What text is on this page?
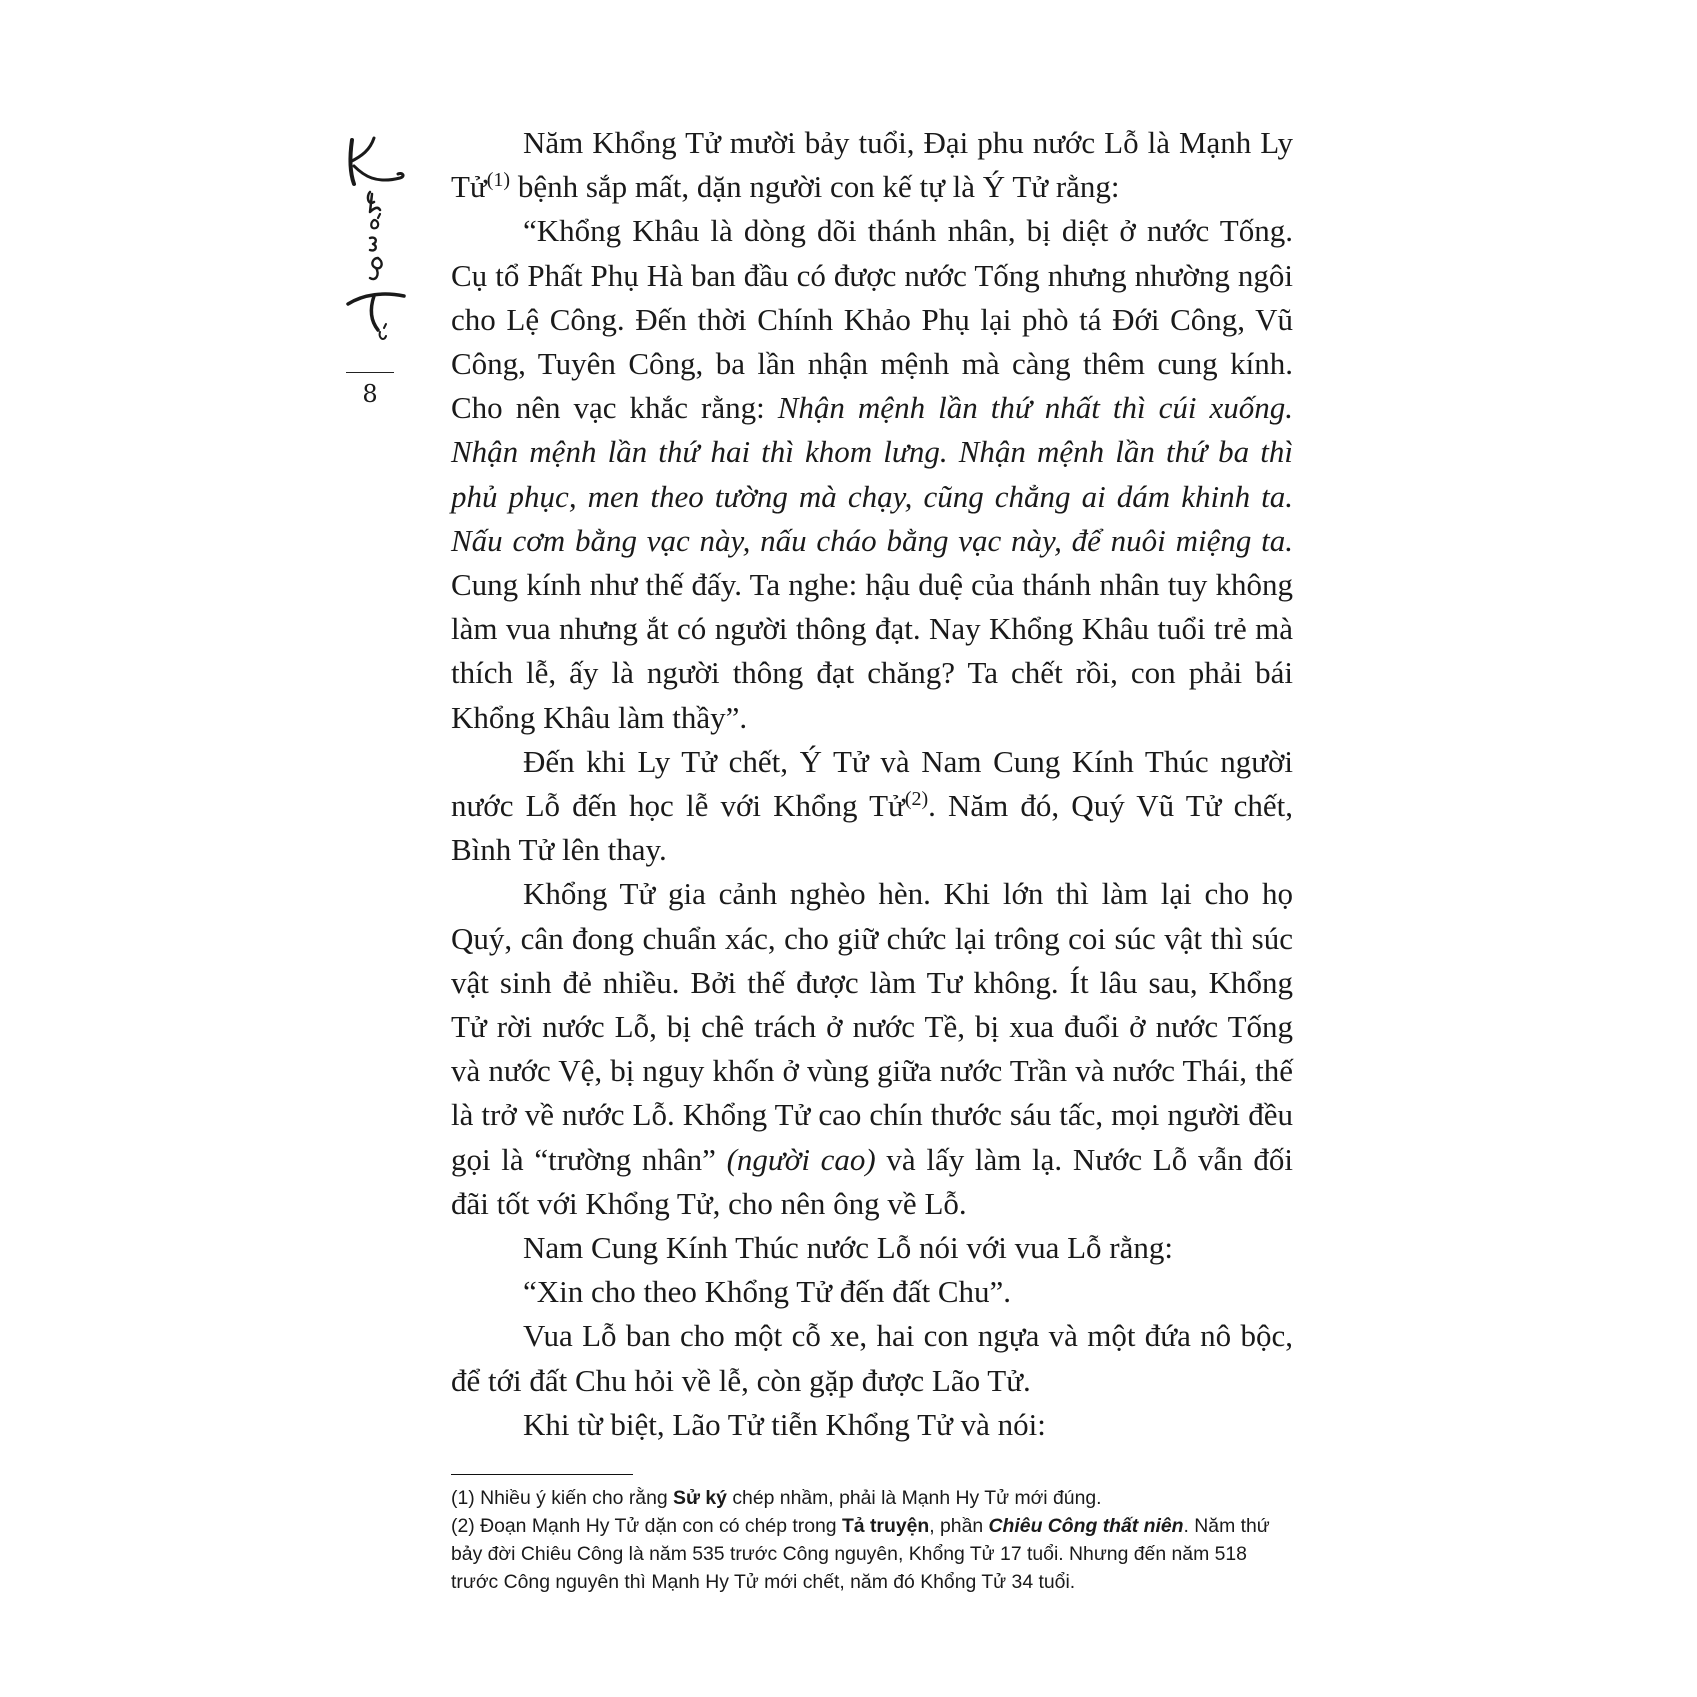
8

Năm Khổng Tử mười bảy tuổi, Đại phu nước Lỗ là Mạnh Ly Tử$^{(1)}$ bệnh sắp mất, dặn người con kế tự là Ý Tử rằng:

“Khổng Khâu là dòng dõi thánh nhân, bị diệt ở nước Tống. Cụ tổ Phất Phụ Hà ban đầu có được nước Tống nhưng nhường ngôi cho Lệ Công. Đến thời Chính Khảo Phụ lại phò tá Đới Công, Vũ Công, Tuyên Công, ba lần nhận mệnh mà càng thêm cung kính. Cho nên vạc khắc rằng: Nhận mệnh lần thứ nhất thì cúi xuống. Nhận mệnh lần thứ hai thì khom lưng. Nhận mệnh lần thứ ba thì phủ phục, men theo tường mà chạy, cũng chẳng ai dám khinh ta. Nấu cơm bằng vạc này, nấu cháo bằng vạc này, để nuôi miệng ta. Cung kính như thế đấy. Ta nghe: hậu duệ của thánh nhân tuy không làm vua nhưng ắt có người thông đạt. Nay Khổng Khâu tuổi trẻ mà thích lễ, ấy là người thông đạt chăng? Ta chết rồi, con phải bái Khổng Khâu làm thầy”.

Đến khi Ly Tử chết, Ý Tử và Nam Cung Kính Thúc người nước Lỗ đến học lễ với Khổng Tử$^{(2)}$. Năm đó, Quý Vũ Tử chết, Bình Tử lên thay.

Khổng Tử gia cảnh nghèo hèn. Khi lớn thì làm lại cho họ Quý, cân đong chuẩn xác, cho giữ chức lại trông coi súc vật thì súc vật sinh đẻ nhiều. Bởi thế được làm Tư không. Ít lâu sau, Khổng Tử rời nước Lỗ, bị chê trách ở nước Tề, bị xua đuổi ở nước Tống và nước Vệ, bị nguy khốn ở vùng giữa nước Trần và nước Thái, thế là trở về nước Lỗ. Khổng Tử cao chín thước sáu tấc, mọi người đều gọi là “trường nhân” (người cao) và lấy làm lạ. Nước Lỗ vẫn đối đãi tốt với Khổng Tử, cho nên ông về Lỗ.

Nam Cung Kính Thúc nước Lỗ nói với vua Lỗ rằng:

“Xin cho theo Khổng Tử đến đất Chu”.

Vua Lỗ ban cho một cỗ xe, hai con ngựa và một đứa nô bộc, để tới đất Chu hỏi về lễ, còn gặp được Lão Tử.

Khi từ biệt, Lão Tử tiễn Khổng Tử và nói:

(1) Nhiều ý kiến cho rằng Sử ký chép nhầm, phải là Mạnh Hy Tử mới đúng.

(2) Đoạn Mạnh Hy Tử dặn con có chép trong Tả truyện, phần Chiêu Công thất niên. Năm thứ bảy đời Chiêu Công là năm 535 trước Công nguyên, Khổng Tử 17 tuổi. Nhưng đến năm 518 trước Công nguyên thì Mạnh Hy Tử mới chết, năm đó Khổng Tử 34 tuổi.
